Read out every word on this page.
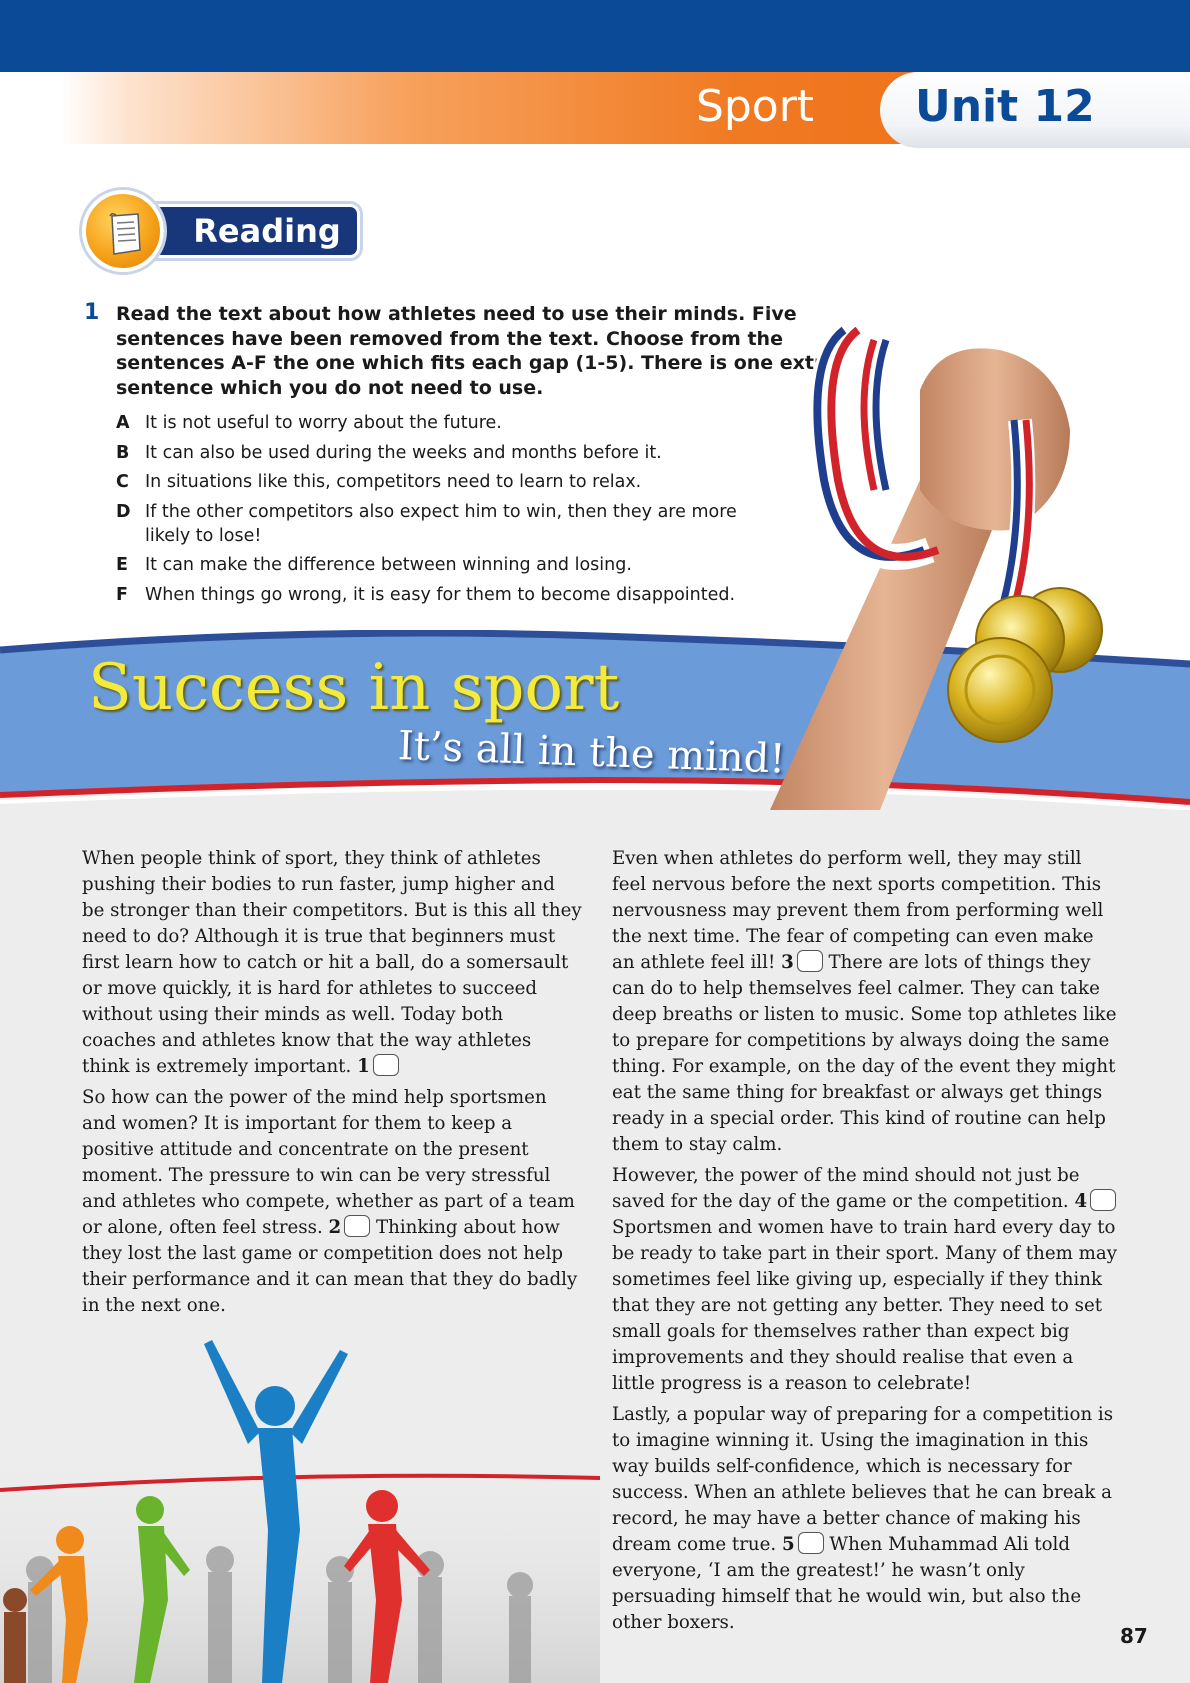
Sport	Unit 12
Reading
1 Read the text about how athletes need to use their minds. Five sentences have been removed from the text. Choose from the sentences A-F the one which fits each gap (1-5). There is one extra sentence which you do not need to use.
A It is not useful to worry about the future.
B It can also be used during the weeks and months before it.
C In situations like this, competitors need to learn to relax.
D If the other competitors also expect him to win, then they are more likely to lose!
E It can make the difference between winning and losing.
F When things go wrong, it is easy for them to become disappointed.
Success in sport
It’s all in the mind!

When people think of sport, they think of athletes pushing their bodies to run faster, jump higher and be stronger than their competitors. But is this all they need to do? Although it is true that beginners must first learn how to catch or hit a ball, do a somersault or move quickly, it is hard for athletes to succeed without using their minds as well. Today both coaches and athletes know that the way athletes think is extremely important. 1

So how can the power of the mind help sportsmen and women? It is important for them to keep a positive attitude and concentrate on the present moment. The pressure to win can be very stressful and athletes who compete, whether as part of a team or alone, often feel stress. 2 Thinking about how they lost the last game or competition does not help their performance and it can mean that they do badly in the next one.

Even when athletes do perform well, they may still feel nervous before the next sports competition. This nervousness may prevent them from performing well the next time. The fear of competing can even make an athlete feel ill! 3 There are lots of things they can do to help themselves feel calmer. They can take deep breaths or listen to music. Some top athletes like to prepare for competitions by always doing the same thing. For example, on the day of the event they might eat the same thing for breakfast or always get things ready in a special order. This kind of routine can help them to stay calm.

However, the power of the mind should not just be saved for the day of the game or the competition. 4 Sportsmen and women have to train hard every day to be ready to take part in their sport. Many of them may sometimes feel like giving up, especially if they think that they are not getting any better. They need to set small goals for themselves rather than expect big improvements and they should realise that even a little progress is a reason to celebrate!

Lastly, a popular way of preparing for a competition is to imagine winning it. Using the imagination in this way builds self-confidence, which is necessary for success. When an athlete believes that he can break a record, he may have a better chance of making his dream come true. 5 When Muhammad Ali told everyone, ‘I am the greatest!’ he wasn’t only persuading himself that he would win, but also the other boxers.

87
